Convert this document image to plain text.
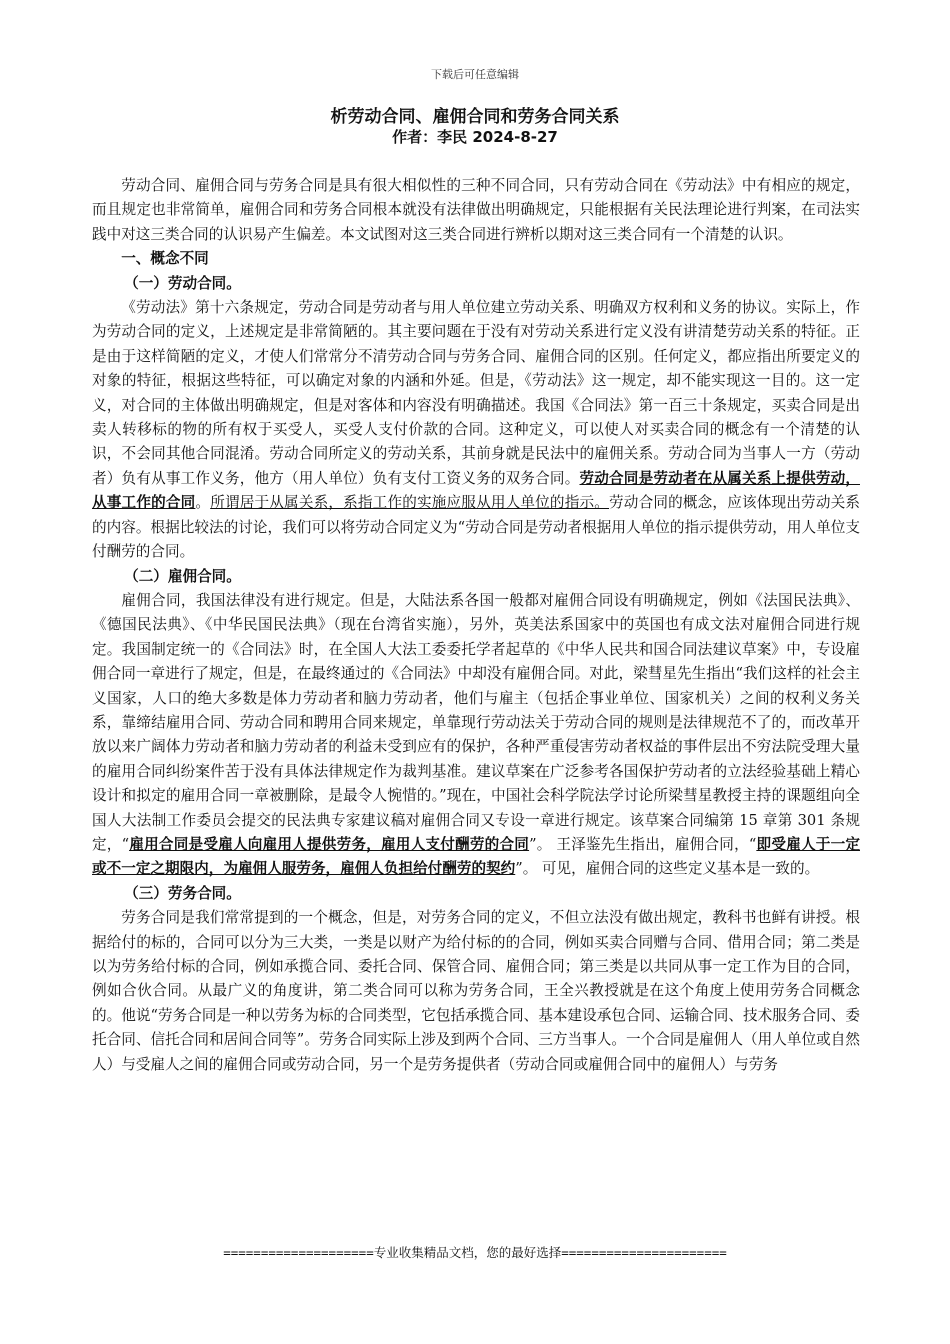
下载后可任意编辑
析劳动合同、雇佣合同和劳务合同关系
作者：李民 2024-8-27

劳动合同、雇佣合同与劳务合同是具有很大相似性的三种不同合同，只有劳动合同在《劳动法》中有相应的规定，而且规定也非常简单，雇佣合同和劳务合同根本就没有法律做出明确规定，只能根据有关民法理论进行判案，在司法实践中对这三类合同的认识易产生偏差。本文试图对这三类合同进行辨析以期对这三类合同有一个清楚的认识。

一、概念不同
（一）劳动合同。

《劳动法》第十六条规定，劳动合同是劳动者与用人单位建立劳动关系、明确双方权利和义务的协议。实际上，作为劳动合同的定义，上述规定是非常简陋的。其主要问题在于没有对劳动关系进行定义没有讲清楚劳动关系的特征。正是由于这样简陋的定义，才使人们常常分不清劳动合同与劳务合同、雇佣合同的区别。任何定义，都应指出所要定义的对象的特征，根据这些特征，可以确定对象的内涵和外延。但是，《劳动法》这一规定，却不能实现这一目的。这一定义，对合同的主体做出明确规定，但是对客体和内容没有明确描述。我国《合同法》第一百三十条规定，买卖合同是出卖人转移标的物的所有权于买受人，买受人支付价款的合同。这种定义，可以使人对买卖合同的概念有一个清楚的认识，不会同其他合同混淆。劳动合同所定义的劳动关系，其前身就是民法中的雇佣关系。劳动合同为当事人一方（劳动者）负有从事工作义务，他方（用人单位）负有支付工资义务的双务合同。劳动合同是劳动者在从属关系上提供劳动，从事工作的合同。所谓居于从属关系，系指工作的实施应服从用人单位的指示。劳动合同的概念，应该体现出劳动关系的内容。根据比较法的讨论，我们可以将劳动合同定义为“劳动合同是劳动者根据用人单位的指示提供劳动，用人单位支付酬劳的合同。

（二）雇佣合同。

雇佣合同，我国法律没有进行规定。但是，大陆法系各国一般都对雇佣合同设有明确规定，例如《法国民法典》、《德国民法典》、《中华民国民法典》（现在台湾省实施），另外，英美法系国家中的英国也有成文法对雇佣合同进行规定。我国制定统一的《合同法》时，在全国人大法工委委托学者起草的《中华人民共和国合同法建议草案》中，专设雇佣合同一章进行了规定，但是，在最终通过的《合同法》中却没有雇佣合同。对此，梁彗星先生指出“我们这样的社会主义国家，人口的绝大多数是体力劳动者和脑力劳动者，他们与雇主（包括企事业单位、国家机关）之间的权利义务关系，靠缔结雇用合同、劳动合同和聘用合同来规定，单靠现行劳动法关于劳动合同的规则是法律规范不了的，而改革开放以来广阔体力劳动者和脑力劳动者的利益未受到应有的保护，各种严重侵害劳动者权益的事件层出不穷法院受理大量的雇用合同纠纷案件苦于没有具体法律规定作为裁判基准。建议草案在广泛参考各国保护劳动者的立法经验基础上精心设计和拟定的雇用合同一章被删除，是最令人惋惜的。”现在，中国社会科学院法学讨论所梁彗星教授主持的课题组向全国人大法制工作委员会提交的民法典专家建议稿对雇佣合同又专设一章进行规定。该草案合同编第 15 章第 301 条规定，“雇用合同是受雇人向雇用人提供劳务，雇用人支付酬劳的合同”。 王泽鉴先生指出，雇佣合同，“即受雇人于一定或不一定之期限内，为雇佣人服劳务，雇佣人负担给付酬劳的契约”。 可见，雇佣合同的这些定义基本是一致的。

（三）劳务合同。

劳务合同是我们常常提到的一个概念，但是，对劳务合同的定义，不但立法没有做出规定，教科书也鲜有讲授。根据给付的标的，合同可以分为三大类，一类是以财产为给付标的的合同，例如买卖合同赠与合同、借用合同；第二类是以为劳务给付标的合同，例如承揽合同、委托合同、保管合同、雇佣合同；第三类是以共同从事一定工作为目的合同，例如合伙合同。从最广义的角度讲，第二类合同可以称为劳务合同，王全兴教授就是在这个角度上使用劳务合同概念的。他说“劳务合同是一种以劳务为标的合同类型，它包括承揽合同、基本建设承包合同、运输合同、技术服务合同、委托合同、信托合同和居间合同等”。劳务合同实际上涉及到两个合同、三方当事人。一个合同是雇佣人（用人单位或自然人）与受雇人之间的雇佣合同或劳动合同，另一个是劳务提供者（劳动合同或雇佣合同中的雇佣人）与劳务

====================专业收集精品文档，您的最好选择======================
